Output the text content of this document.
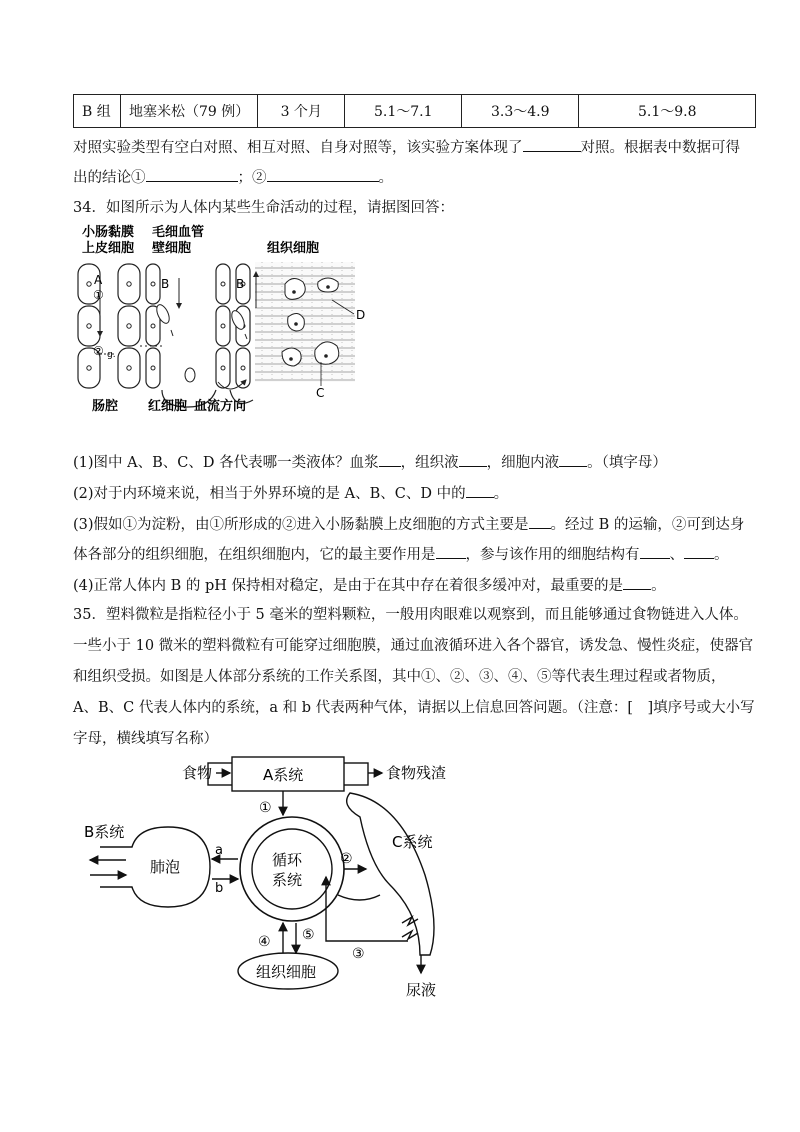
B 组	地塞米松（79 例）	3 个月	5.1～7.1	3.3～4.9	5.1～9.8
对照实验类型有空白对照、相互对照、自身对照等，该实验方案体现了	对照。根据表中数据可得
出的结论①	；②	。
34．如图所示为人体内某些生命活动的过程，请据图回答：
小肠黏膜
上皮细胞
毛细血管
壁细胞	组织细胞
A
①
② g.
B	B
D
C
肠腔 红细胞 血流方向
(1)图中 A、B、C、D 各代表哪一类液体？血浆 ，组织液 ，细胞内液 。（填字母）
(2)对于内环境来说，相当于外界环境的是 A、B、C、D 中的 。
(3)假如①为淀粉，由①所形成的②进入小肠黏膜上皮细胞的方式主要是 。经过 B 的运输，②可到达身
体各部分的组织细胞，在组织细胞内，它的最主要作用是 ，参与该作用的细胞结构有 、 。
(4)正常人体内 B 的 pH 保持相对稳定，是由于在其中存在着很多缓冲对，最重要的是 。
35．塑料微粒是指粒径小于 5 毫米的塑料颗粒，一般用肉眼难以观察到，而且能够通过食物链进入人体。
一些小于 10 微米的塑料微粒有可能穿过细胞膜，通过血液循环进入各个器官，诱发急、慢性炎症，使器官
和组织受损。如图是人体部分系统的工作关系图，其中①、②、③、④、⑤等代表生理过程或者物质，
A、B、C 代表人体内的系统，a 和 b 代表两种气体，请据以上信息回答问题。（注意：[　]填序号或大小写
字母，横线填写名称）
食物	A系统	食物残渣
①
循环
系统
肺泡
B系统
a
b
C系统
②
③
尿液
④ ⑤
组织细胞
